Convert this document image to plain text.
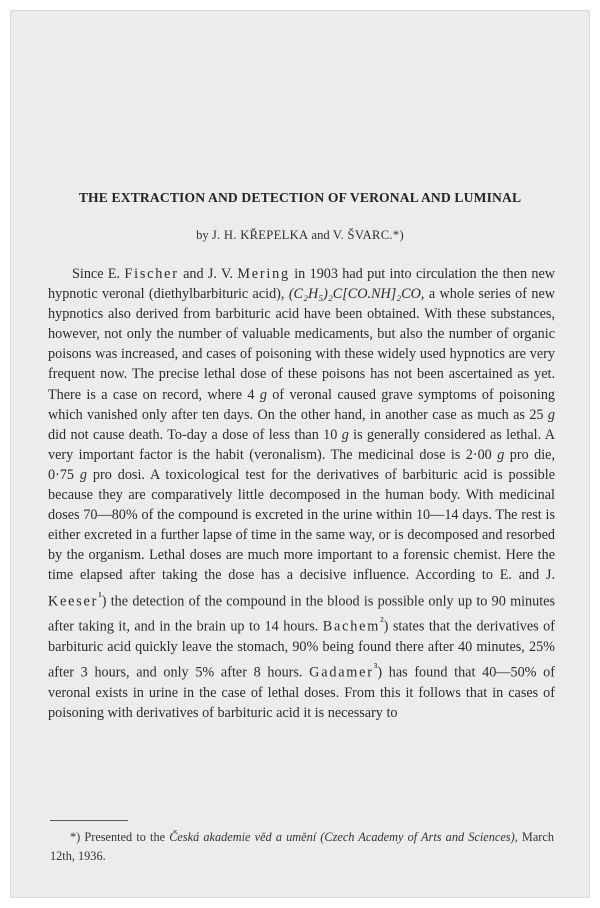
THE EXTRACTION AND DETECTION OF VERONAL AND LUMINAL
by J. H. KŘEPELKA and V. ŠVARC.*)

Since E. Fischer and J. V. Mering in 1903 had put into circulation the then new hypnotic veronal (diethylbarbituric acid), (C₂H₅)₂C[CO.NH]₂CO, a whole series of new hypnotics also derived from barbituric acid have been obtained. With these substances, however, not only the number of valuable medicaments, but also the number of organic poisons was increased, and cases of poisoning with these widely used hypnotics are very frequent now. The precise lethal dose of these poisons has not been ascertained as yet. There is a case on record, where 4 g of veronal caused grave symptoms of poisoning which vanished only after ten days. On the other hand, in another case as much as 25 g did not cause death. To-day a dose of less than 10 g is generally considered as lethal. A very important factor is the habit (veronalism). The medicinal dose is 2·00 g pro die, 0·75 g pro dosi. A toxicological test for the derivatives of barbituric acid is possible because they are comparatively little decomposed in the human body. With medicinal doses 70—80% of the compound is excreted in the urine within 10—14 days. The rest is either excreted in a further lapse of time in the same way, or is decomposed and resorbed by the organism. Lethal doses are much more important to a forensic chemist. Here the time elapsed after taking the dose has a decisive influence. According to E. and J. Keeser$^{^1}$) the detection of the compound in the blood is possible only up to 90 minutes after taking it, and in the brain up to 14 hours. Bachem$^{^2}$) states that the derivatives of barbituric acid quickly leave the stomach, 90% being found there after 40 minutes, 25% after 3 hours, and only 5% after 8 hours. Gadamer$^{^3}$) has found that 40—50% of veronal exists in urine in the case of lethal doses. From this it follows that in cases of poisoning with derivatives of barbituric acid it is necessary to

*) Presented to the Česká akademie věd a umění (Czech Academy of Arts and Sciences), March 12th, 1936.
